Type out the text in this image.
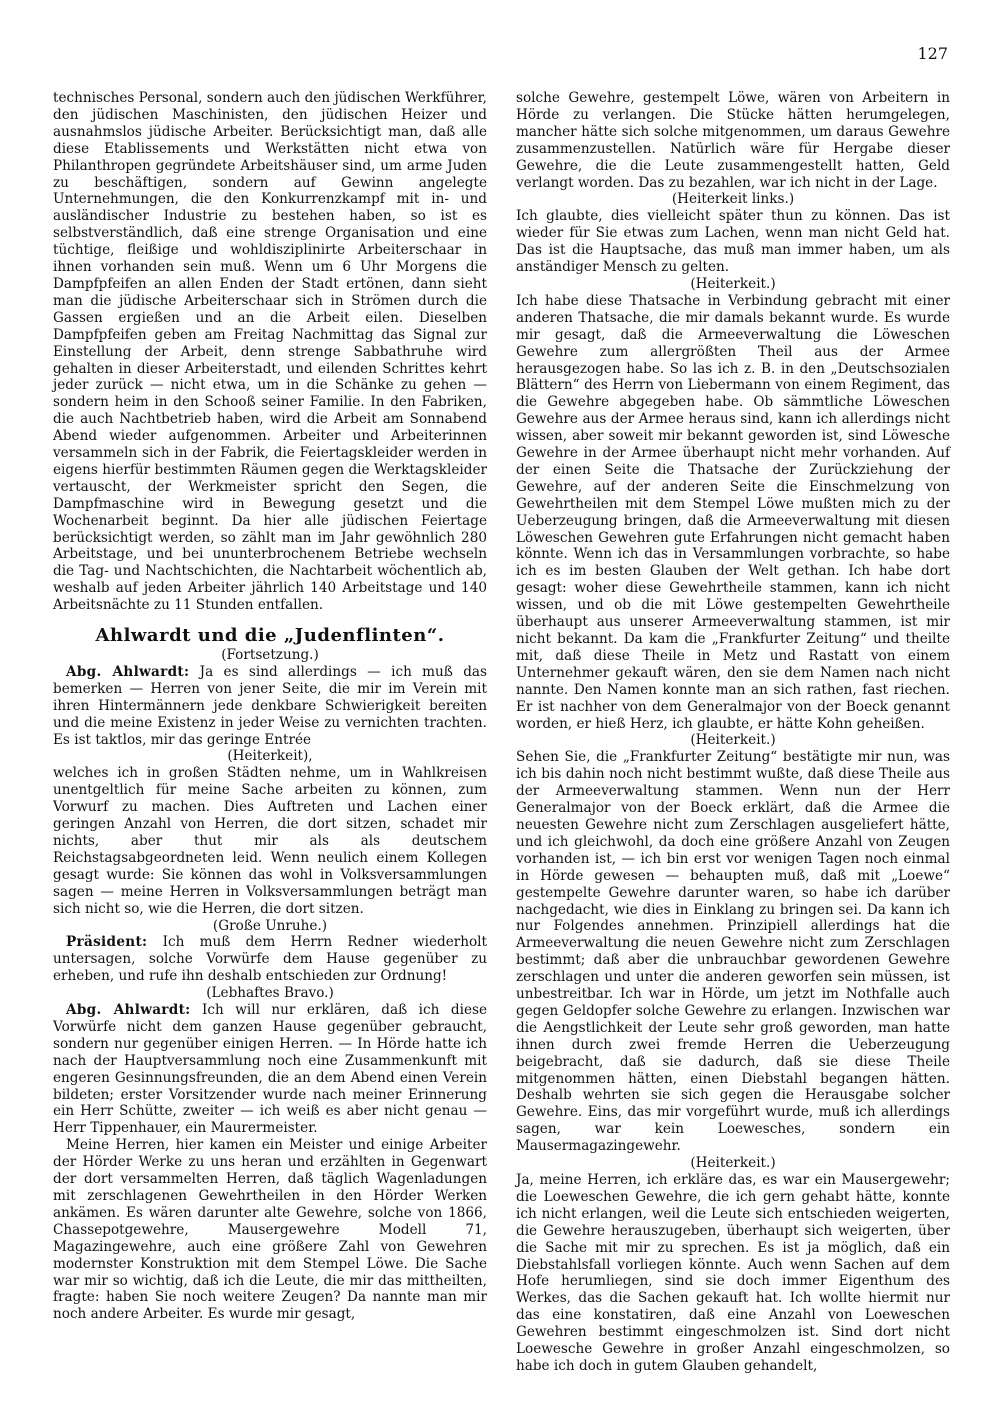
127

technisches Personal, sondern auch den jüdischen Werkführer, den jüdischen Maschinisten, den jüdischen Heizer und ausnahmslos jüdische Arbeiter. Berücksichtigt man, daß alle diese Etablissements und Werkstätten nicht etwa von Philanthropen gegründete Arbeitshäuser sind, um arme Juden zu beschäftigen, sondern auf Gewinn angelegte Unternehmungen, die den Konkurrenzkampf mit in- und ausländischer Industrie zu bestehen haben, so ist es selbstverständlich, daß eine strenge Organisation und eine tüchtige, fleißige und wohldisziplinirte Arbeiterschaar in ihnen vorhanden sein muß. Wenn um 6 Uhr Morgens die Dampfpfeifen an allen Enden der Stadt ertönen, dann sieht man die jüdische Arbeiterschaar sich in Strömen durch die Gassen ergießen und an die Arbeit eilen. Dieselben Dampfpfeifen geben am Freitag Nachmittag das Signal zur Einstellung der Arbeit, denn strenge Sabbathruhe wird gehalten in dieser Arbeiterstadt, und eilenden Schrittes kehrt jeder zurück — nicht etwa, um in die Schänke zu gehen — sondern heim in den Schooß seiner Familie. In den Fabriken, die auch Nachtbetrieb haben, wird die Arbeit am Sonnabend Abend wieder aufgenommen. Arbeiter und Arbeiterinnen versammeln sich in der Fabrik, die Feiertagskleider werden in eigens hierfür bestimmten Räumen gegen die Werktagskleider vertauscht, der Werkmeister spricht den Segen, die Dampfmaschine wird in Bewegung gesetzt und die Wochenarbeit beginnt. Da hier alle jüdischen Feiertage berücksichtigt werden, so zählt man im Jahr gewöhnlich 280 Arbeitstage, und bei ununterbrochenem Betriebe wechseln die Tag- und Nachtschichten, die Nachtarbeit wöchentlich ab, weshalb auf jeden Arbeiter jährlich 140 Arbeitstage und 140 Arbeitsnächte zu 11 Stunden entfallen.

Ahlwardt und die „Judenflinten“.

(Fortsetzung.)

Abg. Ahlwardt: Ja es sind allerdings — ich muß das bemerken — Herren von jener Seite, die mir im Verein mit ihren Hintermännern jede denkbare Schwierigkeit bereiten und die meine Existenz in jeder Weise zu vernichten trachten. Es ist taktlos, mir das geringe Entrée

(Heiterkeit),

welches ich in großen Städten nehme, um in Wahlkreisen unentgeltlich für meine Sache arbeiten zu können, zum Vorwurf zu machen. Dies Auftreten und Lachen einer geringen Anzahl von Herren, die dort sitzen, schadet mir nichts, aber thut mir als als deutschem Reichstagsabgeordneten leid. Wenn neulich einem Kollegen gesagt wurde: Sie können das wohl in Volksversammlungen sagen — meine Herren in Volksversammlungen beträgt man sich nicht so, wie die Herren, die dort sitzen.

(Große Unruhe.)

Präsident: Ich muß dem Herrn Redner wiederholt untersagen, solche Vorwürfe dem Hause gegenüber zu erheben, und rufe ihn deshalb entschieden zur Ordnung!

(Lebhaftes Bravo.)

Abg. Ahlwardt: Ich will nur erklären, daß ich diese Vorwürfe nicht dem ganzen Hause gegenüber gebraucht, sondern nur gegenüber einigen Herren. — In Hörde hatte ich nach der Hauptversammlung noch eine Zusammenkunft mit engeren Gesinnungsfreunden, die an dem Abend einen Verein bildeten; erster Vorsitzender wurde nach meiner Erinnerung ein Herr Schütte, zweiter — ich weiß es aber nicht genau — Herr Tippenhauer, ein Maurermeister.

Meine Herren, hier kamen ein Meister und einige Arbeiter der Hörder Werke zu uns heran und erzählten in Gegenwart der dort versammelten Herren, daß täglich Wagenladungen mit zerschlagenen Gewehrtheilen in den Hörder Werken ankämen. Es wären darunter alte Gewehre, solche von 1866, Chassepotgewehre, Mausergewehre Modell 71, Magazingewehre, auch eine größere Zahl von Gewehren modernster Konstruktion mit dem Stempel Löwe. Die Sache war mir so wichtig, daß ich die Leute, die mir das mittheilten, fragte: haben Sie noch weitere Zeugen? Da nannte man mir noch andere Arbeiter. Es wurde mir gesagt,

solche Gewehre, gestempelt Löwe, wären von Arbeitern in Hörde zu verlangen. Die Stücke hätten herumgelegen, mancher hätte sich solche mitgenommen, um daraus Gewehre zusammenzustellen. Natürlich wäre für Hergabe dieser Gewehre, die die Leute zusammengestellt hatten, Geld verlangt worden. Das zu bezahlen, war ich nicht in der Lage.

(Heiterkeit links.)

Ich glaubte, dies vielleicht später thun zu können. Das ist wieder für Sie etwas zum Lachen, wenn man nicht Geld hat. Das ist die Hauptsache, das muß man immer haben, um als anständiger Mensch zu gelten.

(Heiterkeit.)

Ich habe diese Thatsache in Verbindung gebracht mit einer anderen Thatsache, die mir damals bekannt wurde. Es wurde mir gesagt, daß die Armeeverwaltung die Löweschen Gewehre zum allergrößten Theil aus der Armee herausgezogen habe. So las ich z. B. in den „Deutschsozialen Blättern“ des Herrn von Liebermann von einem Regiment, das die Gewehre abgegeben habe. Ob sämmtliche Löweschen Gewehre aus der Armee heraus sind, kann ich allerdings nicht wissen, aber soweit mir bekannt geworden ist, sind Löwesche Gewehre in der Armee überhaupt nicht mehr vorhanden. Auf der einen Seite die Thatsache der Zurückziehung der Gewehre, auf der anderen Seite die Einschmelzung von Gewehrtheilen mit dem Stempel Löwe mußten mich zu der Ueberzeugung bringen, daß die Armeeverwaltung mit diesen Löweschen Gewehren gute Erfahrungen nicht gemacht haben könnte. Wenn ich das in Versammlungen vorbrachte, so habe ich es im besten Glauben der Welt gethan. Ich habe dort gesagt: woher diese Gewehrtheile stammen, kann ich nicht wissen, und ob die mit Löwe gestempelten Gewehrtheile überhaupt aus unserer Armeeverwaltung stammen, ist mir nicht bekannt. Da kam die „Frankfurter Zeitung“ und theilte mit, daß diese Theile in Metz und Rastatt von einem Unternehmer gekauft wären, den sie dem Namen nach nicht nannte. Den Namen konnte man an sich rathen, fast riechen. Er ist nachher von dem Generalmajor von der Boeck genannt worden, er hieß Herz, ich glaubte, er hätte Kohn geheißen.

(Heiterkeit.)

Sehen Sie, die „Frankfurter Zeitung“ bestätigte mir nun, was ich bis dahin noch nicht bestimmt wußte, daß diese Theile aus der Armeeverwaltung stammen. Wenn nun der Herr Generalmajor von der Boeck erklärt, daß die Armee die neuesten Gewehre nicht zum Zerschlagen ausgeliefert hätte, und ich gleichwohl, da doch eine größere Anzahl von Zeugen vorhanden ist, — ich bin erst vor wenigen Tagen noch einmal in Hörde gewesen — behaupten muß, daß mit „Loewe“ gestempelte Gewehre darunter waren, so habe ich darüber nachgedacht, wie dies in Einklang zu bringen sei. Da kann ich nur Folgendes annehmen. Prinzipiell allerdings hat die Armeeverwaltung die neuen Gewehre nicht zum Zerschlagen bestimmt; daß aber die unbrauchbar gewordenen Gewehre zerschlagen und unter die anderen geworfen sein müssen, ist unbestreitbar. Ich war in Hörde, um jetzt im Nothfalle auch gegen Geldopfer solche Gewehre zu erlangen. Inzwischen war die Aengstlichkeit der Leute sehr groß geworden, man hatte ihnen durch zwei fremde Herren die Ueberzeugung beigebracht, daß sie dadurch, daß sie diese Theile mitgenommen hätten, einen Diebstahl begangen hätten. Deshalb wehrten sie sich gegen die Herausgabe solcher Gewehre. Eins, das mir vorgeführt wurde, muß ich allerdings sagen, war kein Loewesches, sondern ein Mausermagazingewehr.

(Heiterkeit.)

Ja, meine Herren, ich erkläre das, es war ein Mausergewehr; die Loeweschen Gewehre, die ich gern gehabt hätte, konnte ich nicht erlangen, weil die Leute sich entschieden weigerten, die Gewehre herauszugeben, überhaupt sich weigerten, über die Sache mit mir zu sprechen. Es ist ja möglich, daß ein Diebstahlsfall vorliegen könnte. Auch wenn Sachen auf dem Hofe herumliegen, sind sie doch immer Eigenthum des Werkes, das die Sachen gekauft hat. Ich wollte hiermit nur das eine konstatiren, daß eine Anzahl von Loeweschen Gewehren bestimmt eingeschmolzen ist. Sind dort nicht Loewesche Gewehre in großer Anzahl eingeschmolzen, so habe ich doch in gutem Glauben gehandelt,
